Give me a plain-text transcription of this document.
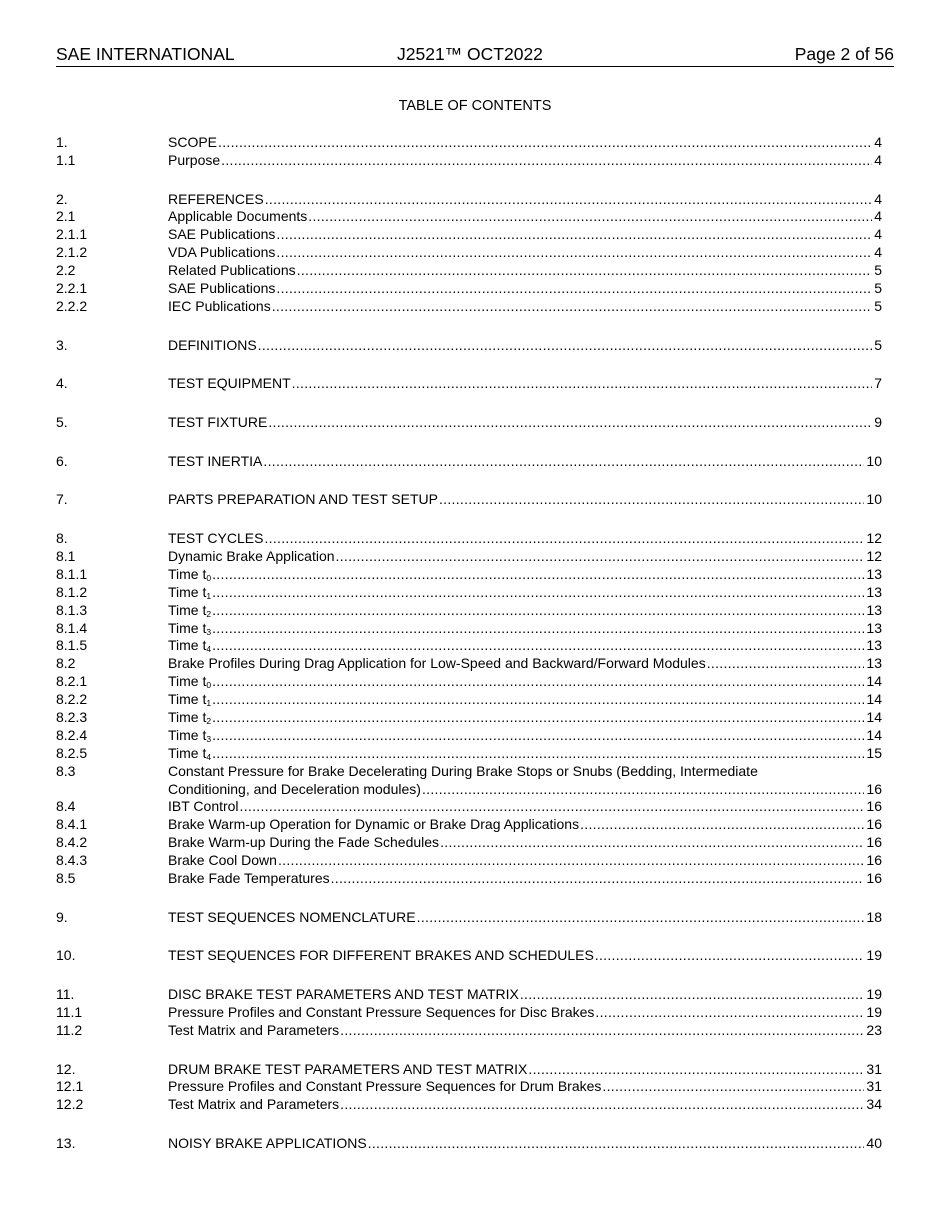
SAE INTERNATIONAL	J2521™ OCT2022	Page 2 of 56
TABLE OF CONTENTS
1.	SCOPE .....	4
1.1	Purpose .....	4
2.	REFERENCES .....	4
2.1	Applicable Documents .....	4
2.1.1	SAE Publications .....	4
2.1.2	VDA Publications .....	4
2.2	Related Publications .....	5
2.2.1	SAE Publications .....	5
2.2.2	IEC Publications .....	5
3.	DEFINITIONS .....	5
4.	TEST EQUIPMENT .....	7
5.	TEST FIXTURE .....	9
6.	TEST INERTIA .....	10
7.	PARTS PREPARATION AND TEST SETUP .....	10
8.	TEST CYCLES .....	12
8.1	Dynamic Brake Application .....	12
8.1.1	Time $t_0$ .....	13
8.1.2	Time $t_1$ .....	13
8.1.3	Time $t_2$ .....	13
8.1.4	Time $t_3$ .....	13
8.1.5	Time $t_4$ .....	13
8.2	Brake Profiles During Drag Application for Low-Speed and Backward/Forward Modules .....	13
8.2.1	Time $t_0$ .....	14
8.2.2	Time $t_1$ .....	14
8.2.3	Time $t_2$ .....	14
8.2.4	Time $t_3$ .....	14
8.2.5	Time $t_4$ .....	15
8.3	Constant Pressure for Brake Decelerating During Brake Stops or Snubs (Bedding, Intermediate
Conditioning, and Deceleration modules) .....	16
8.4	IBT Control .....	16
8.4.1	Brake Warm-up Operation for Dynamic or Brake Drag Applications .....	16
8.4.2	Brake Warm-up During the Fade Schedules .....	16
8.4.3	Brake Cool Down .....	16
8.5	Brake Fade Temperatures .....	16
9.	TEST SEQUENCES NOMENCLATURE .....	18
10.	TEST SEQUENCES FOR DIFFERENT BRAKES AND SCHEDULES .....	19
11.	DISC BRAKE TEST PARAMETERS AND TEST MATRIX .....	19
11.1	Pressure Profiles and Constant Pressure Sequences for Disc Brakes .....	19
11.2	Test Matrix and Parameters .....	23
12.	DRUM BRAKE TEST PARAMETERS AND TEST MATRIX .....	31
12.1	Pressure Profiles and Constant Pressure Sequences for Drum Brakes .....	31
12.2	Test Matrix and Parameters .....	34
13.	NOISY BRAKE APPLICATIONS .....	40
